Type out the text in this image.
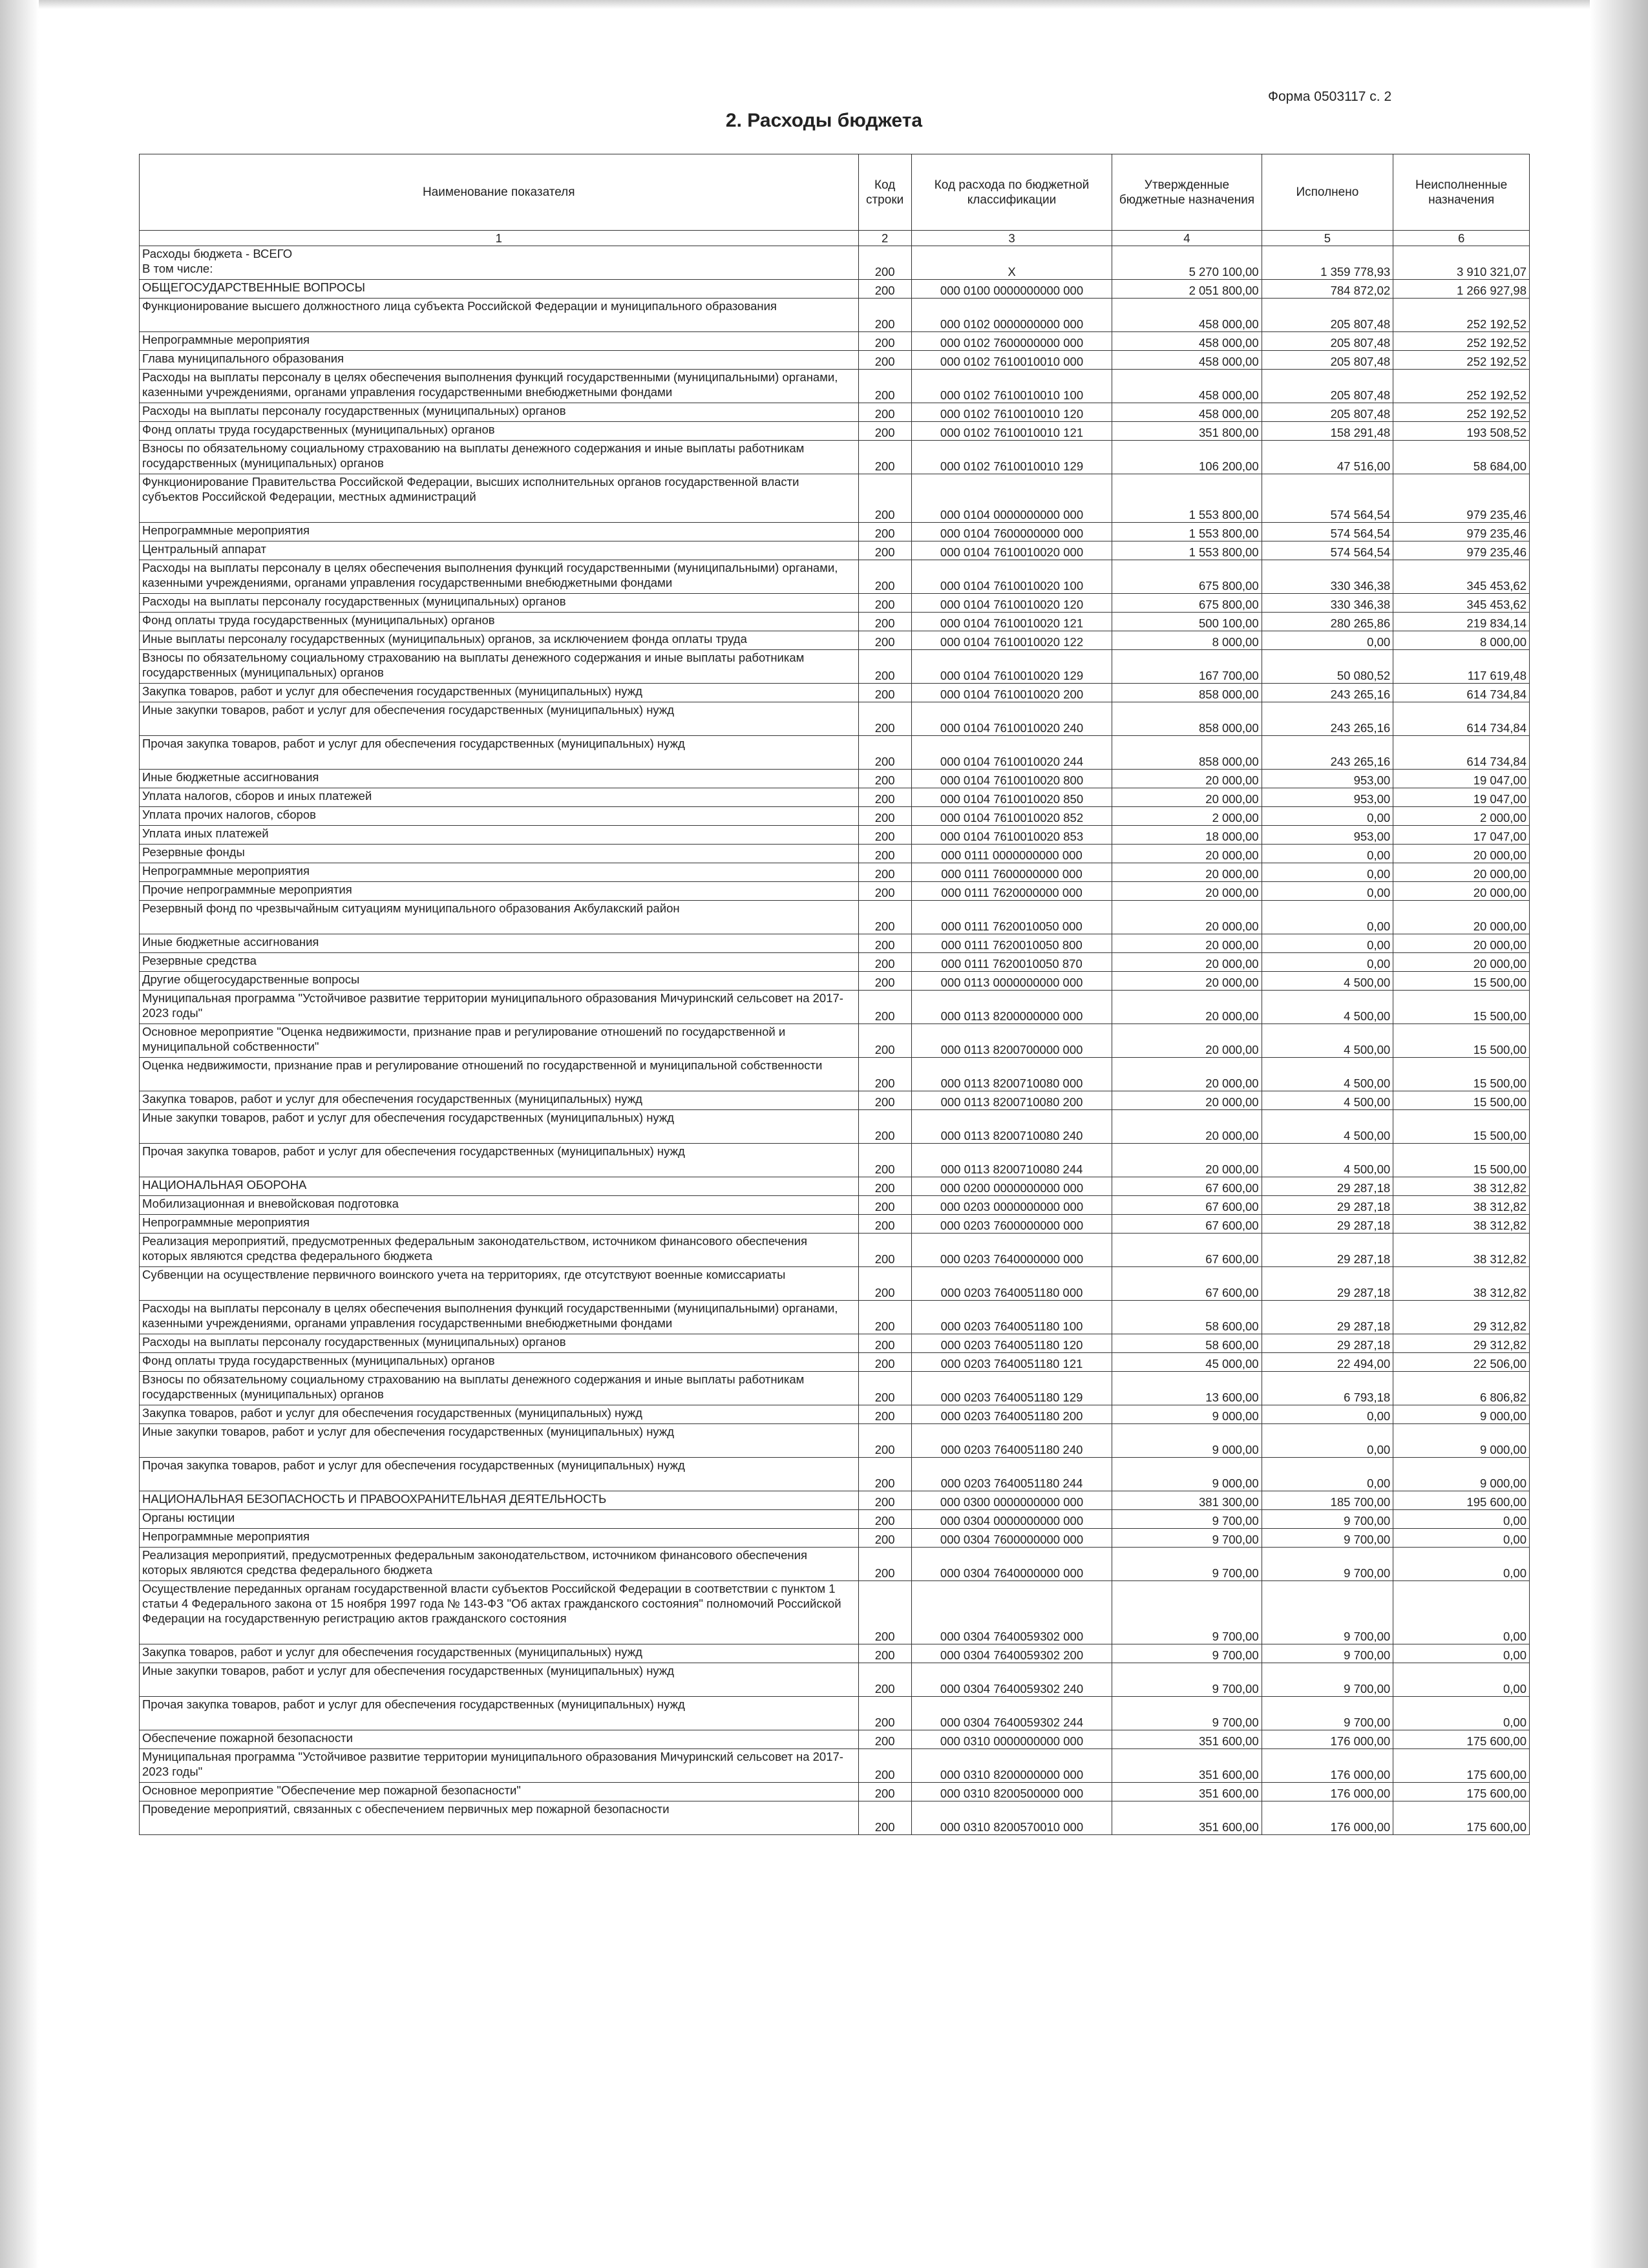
Форма 0503117 с. 2
2. Расходы бюджета
Наименование показателя	Код строки	Код расхода по бюджетной классификации	Утвержденные бюджетные назначения	Исполнено	Неисполненные назначения
1	2	3	4	5	6
Расходы бюджета - ВСЕГО
В том числе:	200	X	5 270 100,00	1 359 778,93	3 910 321,07
ОБЩЕГОСУДАРСТВЕННЫЕ ВОПРОСЫ	200	000 0100 0000000000 000	2 051 800,00	784 872,02	1 266 927,98
Функционирование высшего должностного лица субъекта Российской Федерации и муниципального образования	200	000 0102 0000000000 000	458 000,00	205 807,48	252 192,52
Непрограммные мероприятия	200	000 0102 7600000000 000	458 000,00	205 807,48	252 192,52
Глава муниципального образования	200	000 0102 7610010010 000	458 000,00	205 807,48	252 192,52
Расходы на выплаты персоналу в целях обеспечения выполнения функций государственными (муниципальными) органами, казенными учреждениями, органами управления государственными внебюджетными фондами	200	000 0102 7610010010 100	458 000,00	205 807,48	252 192,52
Расходы на выплаты персоналу государственных (муниципальных) органов	200	000 0102 7610010010 120	458 000,00	205 807,48	252 192,52
Фонд оплаты труда государственных (муниципальных) органов	200	000 0102 7610010010 121	351 800,00	158 291,48	193 508,52
Взносы по обязательному социальному страхованию на выплаты денежного содержания и иные выплаты работникам государственных (муниципальных) органов	200	000 0102 7610010010 129	106 200,00	47 516,00	58 684,00
Функционирование Правительства Российской Федерации, высших исполнительных органов государственной власти субъектов Российской Федерации, местных администраций	200	000 0104 0000000000 000	1 553 800,00	574 564,54	979 235,46
Непрограммные мероприятия	200	000 0104 7600000000 000	1 553 800,00	574 564,54	979 235,46
Центральный аппарат	200	000 0104 7610010020 000	1 553 800,00	574 564,54	979 235,46
Расходы на выплаты персоналу в целях обеспечения выполнения функций государственными (муниципальными) органами, казенными учреждениями, органами управления государственными внебюджетными фондами	200	000 0104 7610010020 100	675 800,00	330 346,38	345 453,62
Расходы на выплаты персоналу государственных (муниципальных) органов	200	000 0104 7610010020 120	675 800,00	330 346,38	345 453,62
Фонд оплаты труда государственных (муниципальных) органов	200	000 0104 7610010020 121	500 100,00	280 265,86	219 834,14
Иные выплаты персоналу государственных (муниципальных) органов, за исключением фонда оплаты труда	200	000 0104 7610010020 122	8 000,00	0,00	8 000,00
Взносы по обязательному социальному страхованию на выплаты денежного содержания и иные выплаты работникам государственных (муниципальных) органов	200	000 0104 7610010020 129	167 700,00	50 080,52	117 619,48
Закупка товаров, работ и услуг для обеспечения государственных (муниципальных) нужд	200	000 0104 7610010020 200	858 000,00	243 265,16	614 734,84
Иные закупки товаров, работ и услуг для обеспечения государственных (муниципальных) нужд	200	000 0104 7610010020 240	858 000,00	243 265,16	614 734,84
Прочая закупка товаров, работ и услуг для обеспечения государственных (муниципальных) нужд	200	000 0104 7610010020 244	858 000,00	243 265,16	614 734,84
Иные бюджетные ассигнования	200	000 0104 7610010020 800	20 000,00	953,00	19 047,00
Уплата налогов, сборов и иных платежей	200	000 0104 7610010020 850	20 000,00	953,00	19 047,00
Уплата прочих налогов, сборов	200	000 0104 7610010020 852	2 000,00	0,00	2 000,00
Уплата иных платежей	200	000 0104 7610010020 853	18 000,00	953,00	17 047,00
Резервные фонды	200	000 0111 0000000000 000	20 000,00	0,00	20 000,00
Непрограммные мероприятия	200	000 0111 7600000000 000	20 000,00	0,00	20 000,00
Прочие непрограммные мероприятия	200	000 0111 7620000000 000	20 000,00	0,00	20 000,00
Резервный фонд по чрезвычайным ситуациям муниципального образования Акбулакский район	200	000 0111 7620010050 000	20 000,00	0,00	20 000,00
Иные бюджетные ассигнования	200	000 0111 7620010050 800	20 000,00	0,00	20 000,00
Резервные средства	200	000 0111 7620010050 870	20 000,00	0,00	20 000,00
Другие общегосударственные вопросы	200	000 0113 0000000000 000	20 000,00	4 500,00	15 500,00
Муниципальная программа "Устойчивое развитие территории муниципального образования Мичуринский сельсовет на 2017-2023 годы"	200	000 0113 8200000000 000	20 000,00	4 500,00	15 500,00
Основное мероприятие "Оценка недвижимости, признание прав и регулирование отношений по государственной и муниципальной собственности"	200	000 0113 8200700000 000	20 000,00	4 500,00	15 500,00
Оценка недвижимости, признание прав и регулирование отношений по государственной и муниципальной собственности	200	000 0113 8200710080 000	20 000,00	4 500,00	15 500,00
Закупка товаров, работ и услуг для обеспечения государственных (муниципальных) нужд	200	000 0113 8200710080 200	20 000,00	4 500,00	15 500,00
Иные закупки товаров, работ и услуг для обеспечения государственных (муниципальных) нужд	200	000 0113 8200710080 240	20 000,00	4 500,00	15 500,00
Прочая закупка товаров, работ и услуг для обеспечения государственных (муниципальных) нужд	200	000 0113 8200710080 244	20 000,00	4 500,00	15 500,00
НАЦИОНАЛЬНАЯ ОБОРОНА	200	000 0200 0000000000 000	67 600,00	29 287,18	38 312,82
Мобилизационная и вневойсковая подготовка	200	000 0203 0000000000 000	67 600,00	29 287,18	38 312,82
Непрограммные мероприятия	200	000 0203 7600000000 000	67 600,00	29 287,18	38 312,82
Реализация мероприятий, предусмотренных федеральным законодательством, источником финансового обеспечения которых являются средства федерального бюджета	200	000 0203 7640000000 000	67 600,00	29 287,18	38 312,82
Субвенции на осуществление первичного воинского учета на территориях, где отсутствуют военные комиссариаты	200	000 0203 7640051180 000	67 600,00	29 287,18	38 312,82
Расходы на выплаты персоналу в целях обеспечения выполнения функций государственными (муниципальными) органами, казенными учреждениями, органами управления государственными внебюджетными фондами	200	000 0203 7640051180 100	58 600,00	29 287,18	29 312,82
Расходы на выплаты персоналу государственных (муниципальных) органов	200	000 0203 7640051180 120	58 600,00	29 287,18	29 312,82
Фонд оплаты труда государственных (муниципальных) органов	200	000 0203 7640051180 121	45 000,00	22 494,00	22 506,00
Взносы по обязательному социальному страхованию на выплаты денежного содержания и иные выплаты работникам государственных (муниципальных) органов	200	000 0203 7640051180 129	13 600,00	6 793,18	6 806,82
Закупка товаров, работ и услуг для обеспечения государственных (муниципальных) нужд	200	000 0203 7640051180 200	9 000,00	0,00	9 000,00
Иные закупки товаров, работ и услуг для обеспечения государственных (муниципальных) нужд	200	000 0203 7640051180 240	9 000,00	0,00	9 000,00
Прочая закупка товаров, работ и услуг для обеспечения государственных (муниципальных) нужд	200	000 0203 7640051180 244	9 000,00	0,00	9 000,00
НАЦИОНАЛЬНАЯ БЕЗОПАСНОСТЬ И ПРАВООХРАНИТЕЛЬНАЯ ДЕЯТЕЛЬНОСТЬ	200	000 0300 0000000000 000	381 300,00	185 700,00	195 600,00
Органы юстиции	200	000 0304 0000000000 000	9 700,00	9 700,00	0,00
Непрограммные мероприятия	200	000 0304 7600000000 000	9 700,00	9 700,00	0,00
Реализация мероприятий, предусмотренных федеральным законодательством, источником финансового обеспечения которых являются средства федерального бюджета	200	000 0304 7640000000 000	9 700,00	9 700,00	0,00
Осуществление переданных органам государственной власти субъектов Российской Федерации в соответствии с пунктом 1 статьи 4 Федерального закона от 15 ноября 1997 года № 143-ФЗ "Об актах гражданского состояния" полномочий Российской Федерации на государственную регистрацию актов гражданского состояния	200	000 0304 7640059302 000	9 700,00	9 700,00	0,00
Закупка товаров, работ и услуг для обеспечения государственных (муниципальных) нужд	200	000 0304 7640059302 200	9 700,00	9 700,00	0,00
Иные закупки товаров, работ и услуг для обеспечения государственных (муниципальных) нужд	200	000 0304 7640059302 240	9 700,00	9 700,00	0,00
Прочая закупка товаров, работ и услуг для обеспечения государственных (муниципальных) нужд	200	000 0304 7640059302 244	9 700,00	9 700,00	0,00
Обеспечение пожарной безопасности	200	000 0310 0000000000 000	351 600,00	176 000,00	175 600,00
Муниципальная программа "Устойчивое развитие территории муниципального образования Мичуринский сельсовет на 2017-2023 годы"	200	000 0310 8200000000 000	351 600,00	176 000,00	175 600,00
Основное мероприятие "Обеспечение мер пожарной безопасности"	200	000 0310 8200500000 000	351 600,00	176 000,00	175 600,00
Проведение мероприятий, связанных с обеспечением первичных мер пожарной безопасности	200	000 0310 8200570010 000	351 600,00	176 000,00	175 600,00
